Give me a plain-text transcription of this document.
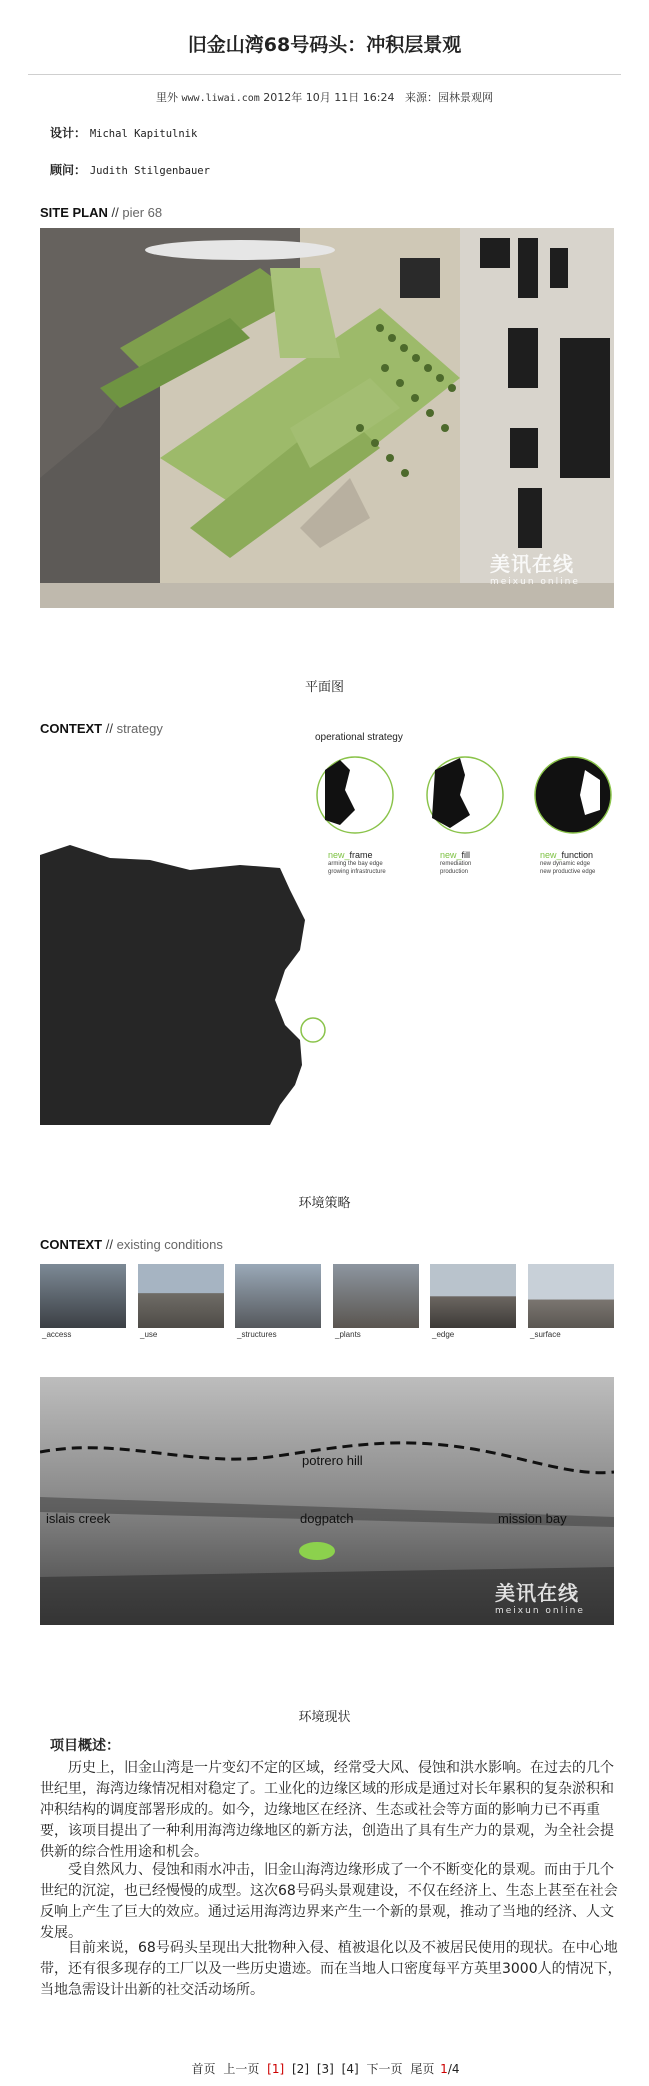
旧金山湾68号码头：冲积层景观
里外 www.liwai.com 2012年 10月 11日 16:24 来源：园林景观网
设计： Michal Kapitulnik
顾问： Judith Stilgenbauer
SITE PLAN // pier 68
美讯在线
meixun online
平面图
CONTEXT // strategy
operational strategy
美讯在线
meixun online
new_frame
arming the bay edge
growing infrastructure
new_fill
remediation
production
new_function
new dynamic edge
new productive edge
环境策略
CONTEXT // existing conditions
_access	_use	_structures	_plants	_edge	_surface
potrero hill
islais creek	dogpatch	mission bay
美讯在线
meixun online
环境现状
项目概述：

历史上，旧金山湾是一片变幻不定的区域，经常受大风、侵蚀和洪水影响。在过去的几个世纪里，海湾边缘情况相对稳定了。工业化的边缘区域的形成是通过对长年累积的复杂淤积和冲积结构的调度部署形成的。如今，边缘地区在经济、生态或社会等方面的影响力已不再重要，该项目提出了一种利用海湾边缘地区的新方法，创造出了具有生产力的景观，为全社会提供新的综合性用途和机会。

受自然风力、侵蚀和雨水冲击，旧金山海湾边缘形成了一个不断变化的景观。而由于几个世纪的沉淀，也已经慢慢的成型。这次68号码头景观建设，不仅在经济上、生态上甚至在社会反响上产生了巨大的效应。通过运用海湾边界来产生一个新的景观，推动了当地的经济、人文发展。

目前来说，68号码头呈现出大批物种入侵、植被退化以及不被居民使用的现状。在中心地带，还有很多现存的工厂以及一些历史遗迹。而在当地人口密度每平方英里3000人的情况下，当地急需设计出新的社交活动场所。

首页 上一页 [1] [2] [3] [4] 下一页 尾页 1/4
